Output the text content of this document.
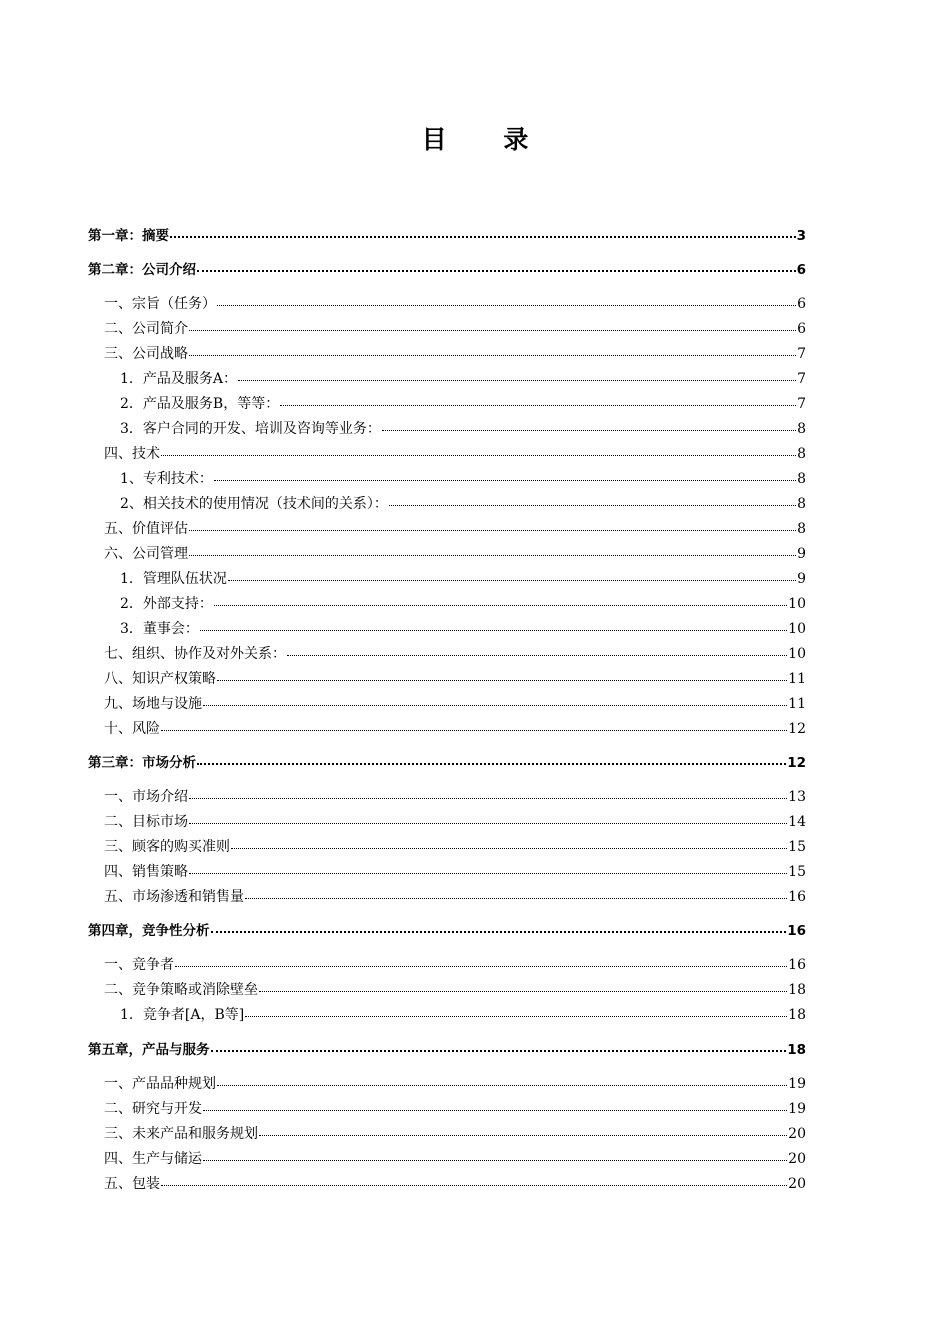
目 录
第一章：摘要	3
第二章：公司介绍	6
一、宗旨（任务）	6
二、公司简介	6
三、公司战略	7
1．产品及服务A：	7
2．产品及服务B，等等：	7
3．客户合同的开发、培训及咨询等业务：	8
四、技术	8
1、专利技术：	8
2、相关技术的使用情况（技术间的关系）：	8
五、价值评估	8
六、公司管理	9
1．管理队伍状况	9
2．外部支持：	10
3．董事会：	10
七、组织、协作及对外关系：	10
八、知识产权策略	11
九、场地与设施	11
十、风险	12
第三章：市场分析	12
一、市场介绍	13
二、目标市场	14
三、顾客的购买准则	15
四、销售策略	15
五、市场渗透和销售量	16
第四章，竞争性分析	16
一、竞争者	16
二、竞争策略或消除壁垒	18
1．竞争者[A，B等]	18
第五章，产品与服务	18
一、产品品种规划	19
二、研究与开发	19
三、未来产品和服务规划	20
四、生产与储运	20
五、包装	20
